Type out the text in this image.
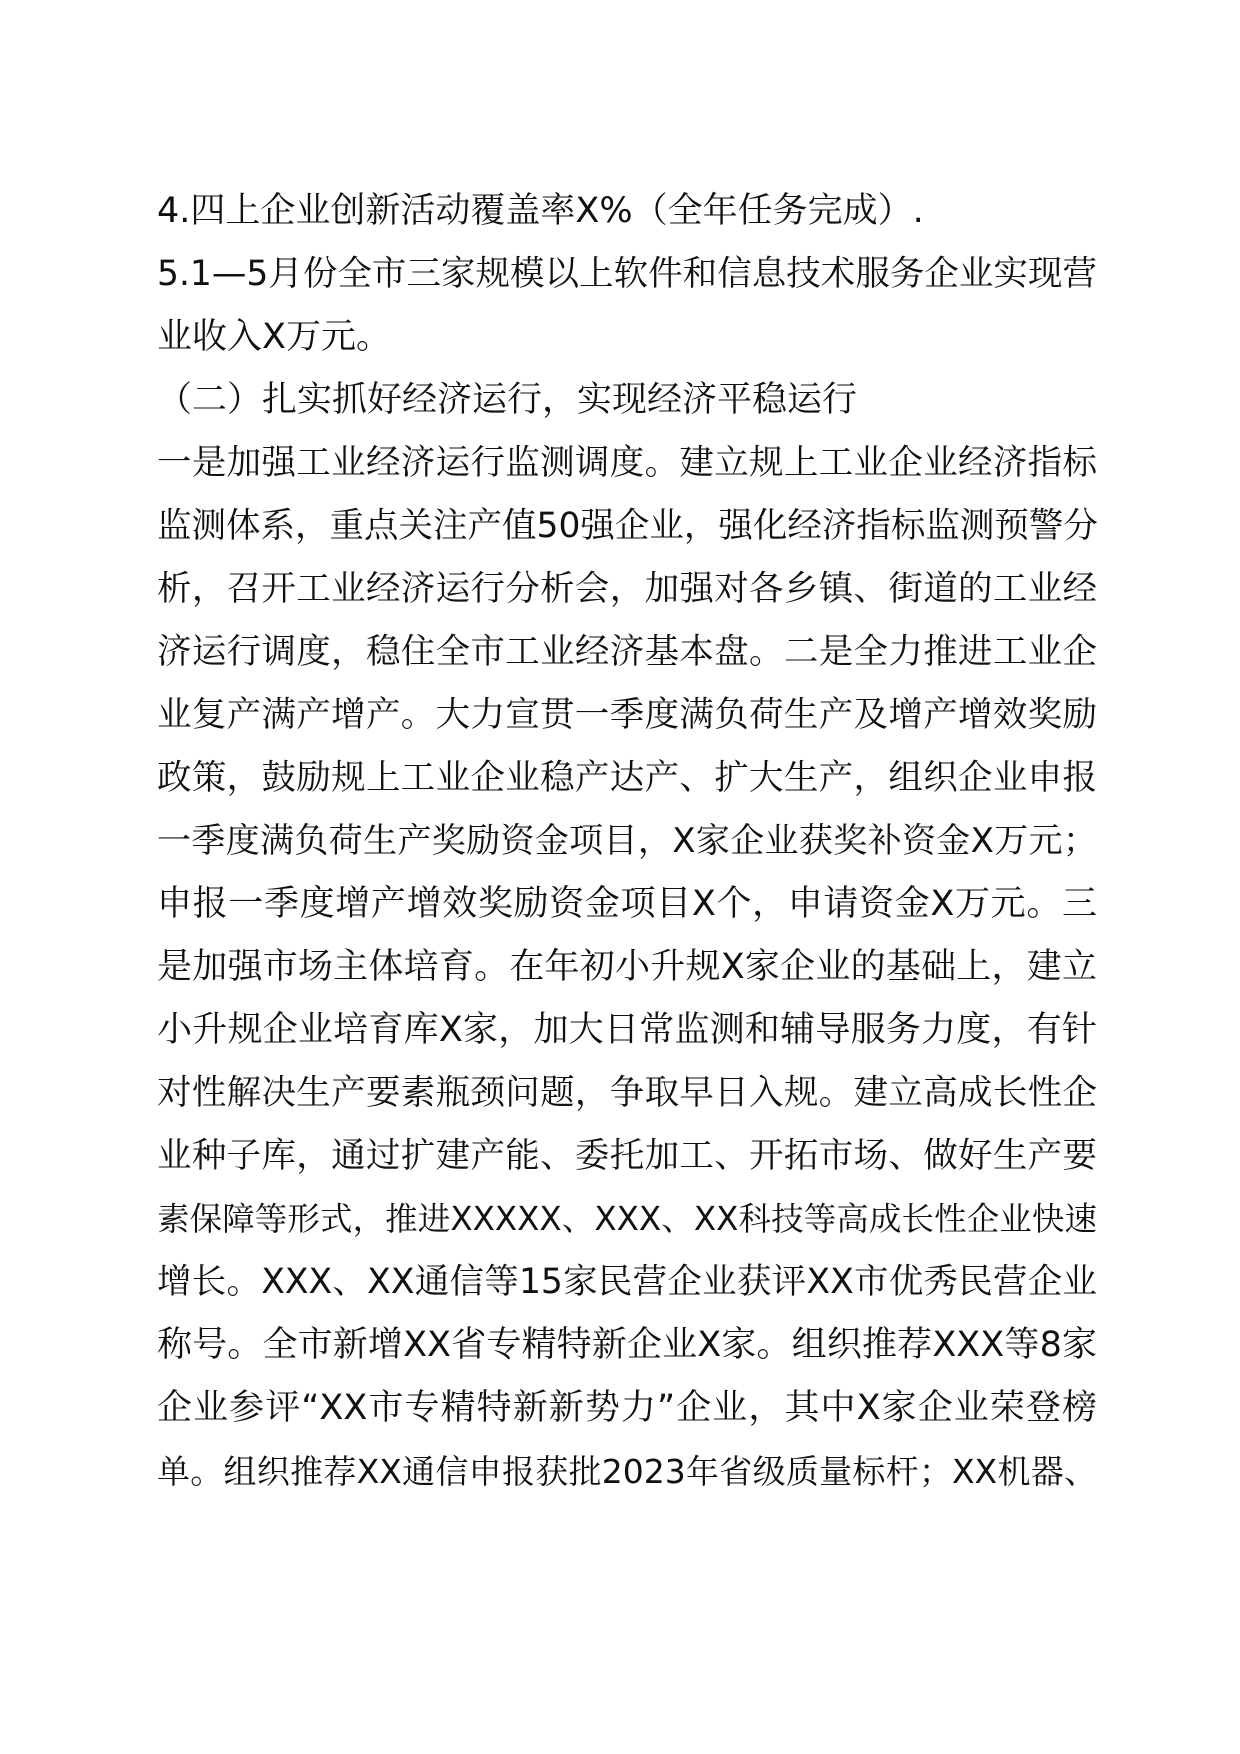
4.四上企业创新活动覆盖率X%（全年任务完成）.
5.1—5月份全市三家规模以上软件和信息技术服务企业实现营
业收入X万元。
（二）扎实抓好经济运行，实现经济平稳运行
一是加强工业经济运行监测调度。建立规上工业企业经济指标
监测体系，重点关注产值50强企业，强化经济指标监测预警分
析，召开工业经济运行分析会，加强对各乡镇、街道的工业经
济运行调度，稳住全市工业经济基本盘。二是全力推进工业企
业复产满产增产。大力宣贯一季度满负荷生产及增产增效奖励
政策，鼓励规上工业企业稳产达产、扩大生产，组织企业申报
一季度满负荷生产奖励资金项目，X家企业获奖补资金X万元；
申报一季度增产增效奖励资金项目X个，申请资金X万元。三
是加强市场主体培育。在年初小升规X家企业的基础上，建立
小升规企业培育库X家，加大日常监测和辅导服务力度，有针
对性解决生产要素瓶颈问题，争取早日入规。建立高成长性企
业种子库，通过扩建产能、委托加工、开拓市场、做好生产要
素保障等形式，推进XXXXX、XXX、XX科技等高成长性企业快速
增长。XXX、XX通信等15家民营企业获评XX市优秀民营企业
称号。全市新增XX省专精特新企业X家。组织推荐XXX等8家
企业参评“XX市专精特新新势力”企业，其中X家企业荣登榜
单。组织推荐XX通信申报获批2023年省级质量标杆；XX机器、
